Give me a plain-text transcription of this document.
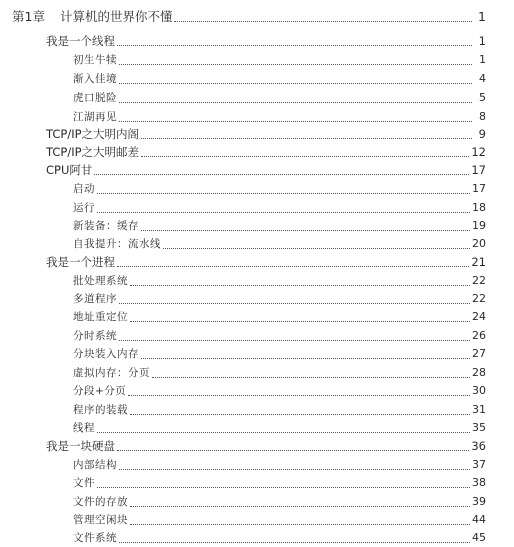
第1章 计算机的世界你不懂	1
我是一个线程	1
初生牛犊	1
渐入佳境	4
虎口脱险	5
江湖再见	8
TCP/IP之大明内阁	9
TCP/IP之大明邮差	12
CPU阿甘	17
启动	17
运行	18
新装备：缓存	19
自我提升：流水线	20
我是一个进程	21
批处理系统	22
多道程序	22
地址重定位	24
分时系统	26
分块装入内存	27
虚拟内存：分页	28
分段+分页	30
程序的装载	31
线程	35
我是一块硬盘	36
内部结构	37
文件	38
文件的存放	39
管理空闲块	44
文件系统	45
